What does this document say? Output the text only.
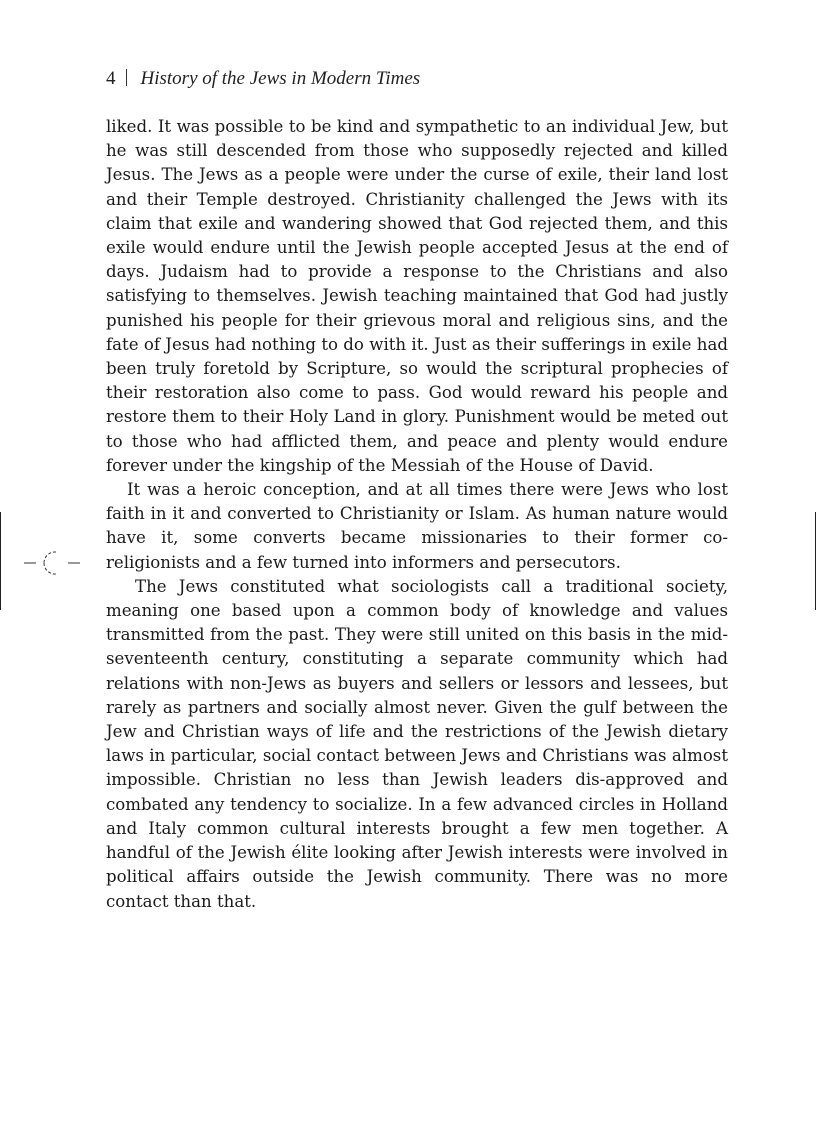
4 History of the Jews in Modern Times

liked. It was possible to be kind and sympathetic to an individual Jew, but he was still descended from those who supposedly rejected and killed Jesus. The Jews as a people were under the curse of exile, their land lost and their Temple destroyed. Christianity challenged the Jews with its claim that exile and wandering showed that God rejected them, and this exile would endure until the Jewish people accepted Jesus at the end of days. Judaism had to provide a response to the Christians and also satisfying to themselves. Jewish teaching maintained that God had justly punished his people for their grievous moral and religious sins, and the fate of Jesus had nothing to do with it. Just as their sufferings in exile had been truly foretold by Scripture, so would the scriptural prophecies of their restoration also come to pass. God would reward his people and restore them to their Holy Land in glory. Punishment would be meted out to those who had afflicted them, and peace and plenty would endure forever under the kingship of the Messiah of the House of David.

It was a heroic conception, and at all times there were Jews who lost faith in it and converted to Christianity or Islam. As human nature would have it, some converts became missionaries to their former co-religionists and a few turned into informers and persecutors.

The Jews constituted what sociologists call a traditional society, meaning one based upon a common body of knowledge and values transmitted from the past. They were still united on this basis in the mid-seventeenth century, constituting a separate community which had relations with non-Jews as buyers and sellers or lessors and lessees, but rarely as partners and socially almost never. Given the gulf between the Jew and Christian ways of life and the restrictions of the Jewish dietary laws in particular, social contact between Jews and Christians was almost impossible. Christian no less than Jewish leaders dis-approved and combated any tendency to socialize. In a few advanced circles in Holland and Italy common cultural interests brought a few men together. A handful of the Jewish élite looking after Jewish interests were involved in political affairs outside the Jewish community. There was no more contact than that.
